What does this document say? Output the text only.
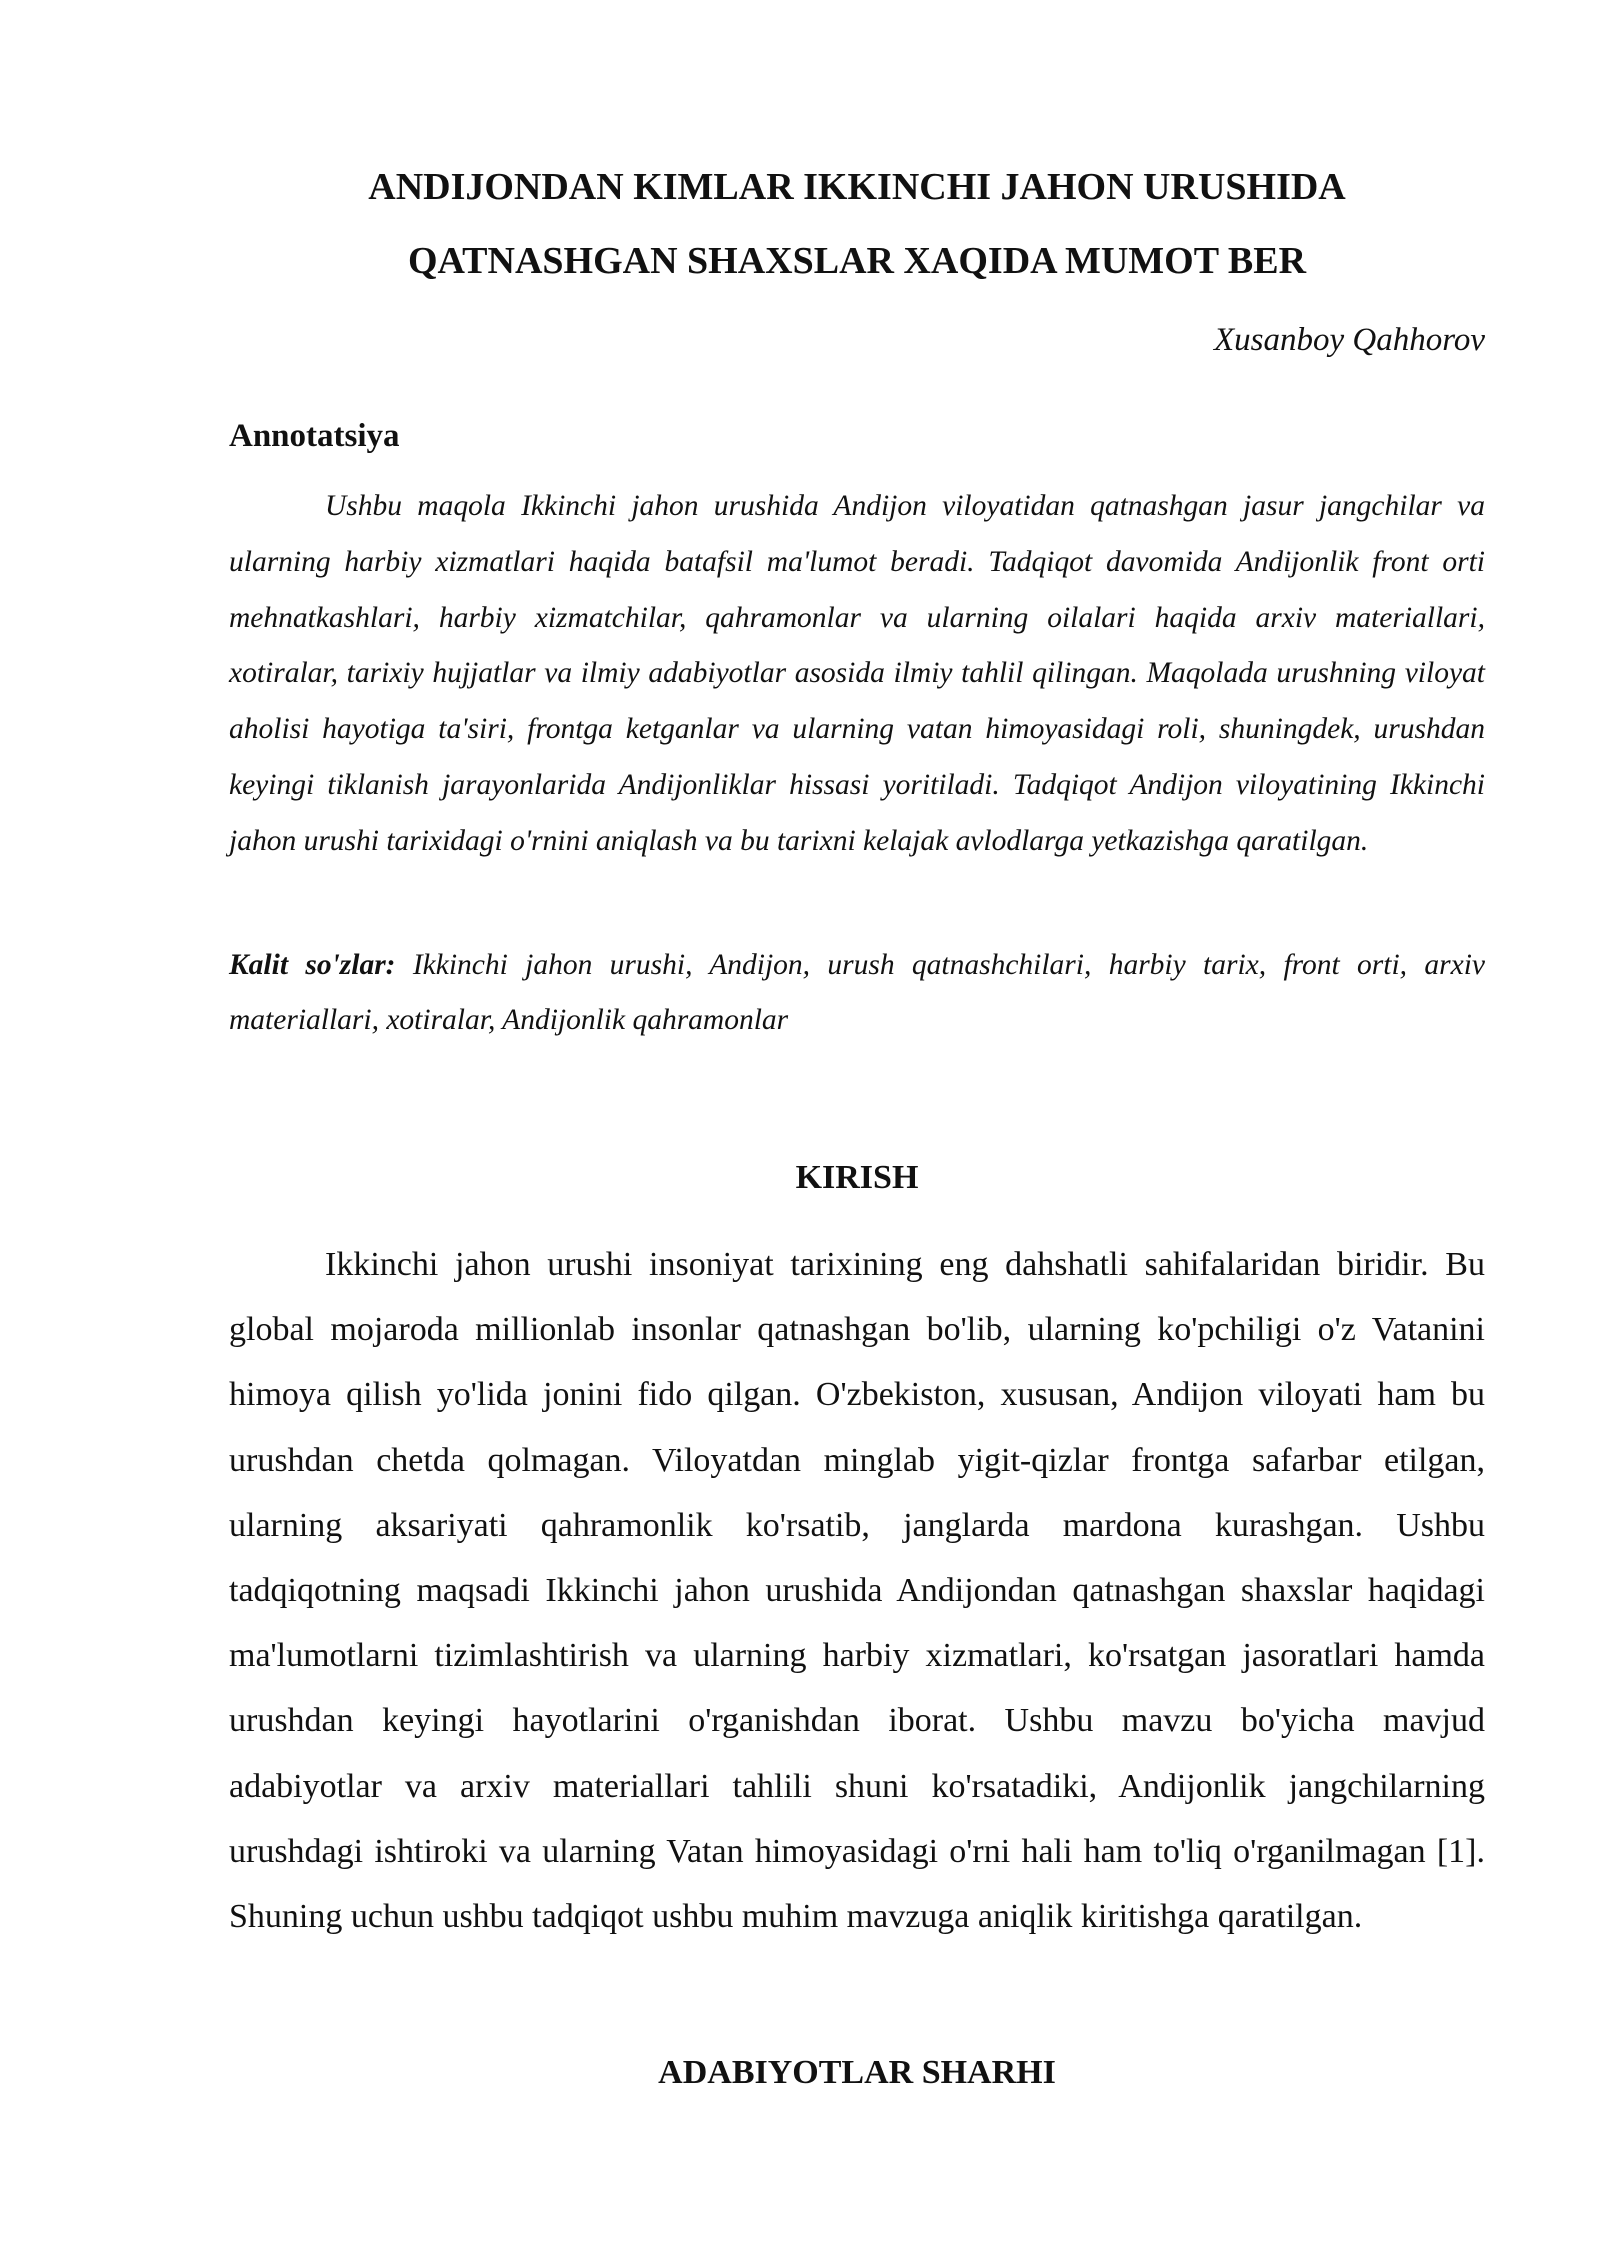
ANDIJONDAN KIMLAR IKKINCHI JAHON URUSHIDA
QATNASHGAN SHAXSLAR XAQIDA MUMOT BER
Xusanboy Qahhorov
Annotatsiya

Ushbu maqola Ikkinchi jahon urushida Andijon viloyatidan qatnashgan jasur jangchilar va ularning harbiy xizmatlari haqida batafsil ma'lumot beradi. Tadqiqot davomida Andijonlik front orti mehnatkashlari, harbiy xizmatchilar, qahramonlar va ularning oilalari haqida arxiv materiallari, xotiralar, tarixiy hujjatlar va ilmiy adabiyotlar asosida ilmiy tahlil qilingan. Maqolada urushning viloyat aholisi hayotiga ta'siri, frontga ketganlar va ularning vatan himoyasidagi roli, shuningdek, urushdan keyingi tiklanish jarayonlarida Andijonliklar hissasi yoritiladi. Tadqiqot Andijon viloyatining Ikkinchi jahon urushi tarixidagi o'rnini aniqlash va bu tarixni kelajak avlodlarga yetkazishga qaratilgan.

Kalit so'zlar: Ikkinchi jahon urushi, Andijon, urush qatnashchilari, harbiy tarix, front orti, arxiv materiallari, xotiralar, Andijonlik qahramonlar

KIRISH

Ikkinchi jahon urushi insoniyat tarixining eng dahshatli sahifalaridan biridir. Bu global mojaroda millionlab insonlar qatnashgan bo'lib, ularning ko'pchiligi o'z Vatanini himoya qilish yo'lida jonini fido qilgan. O'zbekiston, xususan, Andijon viloyati ham bu urushdan chetda qolmagan. Viloyatdan minglab yigit-qizlar frontga safarbar etilgan, ularning aksariyati qahramonlik ko'rsatib, janglarda mardona kurashgan. Ushbu tadqiqotning maqsadi Ikkinchi jahon urushida Andijondan qatnashgan shaxslar haqidagi ma'lumotlarni tizimlashtirish va ularning harbiy xizmatlari, ko'rsatgan jasoratlari hamda urushdan keyingi hayotlarini o'rganishdan iborat. Ushbu mavzu bo'yicha mavjud adabiyotlar va arxiv materiallari tahlili shuni ko'rsatadiki, Andijonlik jangchilarning urushdagi ishtiroki va ularning Vatan himoyasidagi o'rni hali ham to'liq o'rganilmagan [1]. Shuning uchun ushbu tadqiqot ushbu muhim mavzuga aniqlik kiritishga qaratilgan.

ADABIYOTLAR SHARHI
